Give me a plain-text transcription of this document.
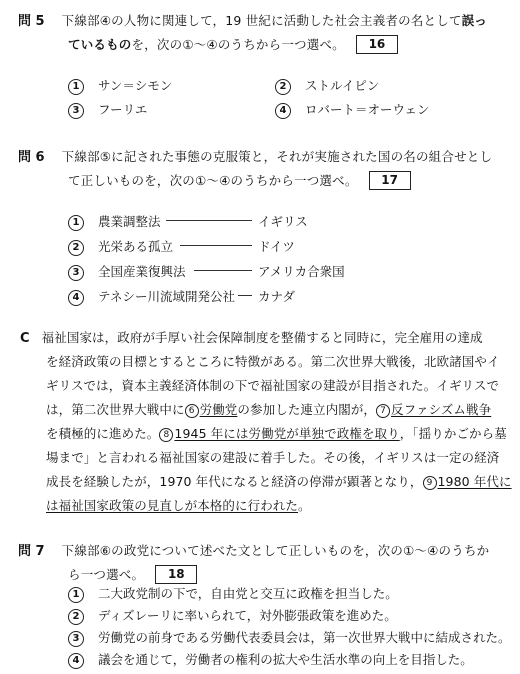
問 5 下線部④の人物に関連して，19 世紀に活動した社会主義者の名として誤っ
ているものを，次の①〜④のうちから一つ選べ。 16
1 サン＝シモン	2 ストルイピン
3 フーリエ	4 ロバート＝オーウェン
問 6 下線部⑤に記された事態の克服策と，それが実施された国の名の組合せとし
て正しいものを，次の①〜④のうちから一つ選べ。 17
1 農業調整法	イギリス
2 光栄ある孤立	ドイツ
3 全国産業復興法	アメリカ合衆国
4 テネシー川流域開発公社 カナダ
C 福祉国家は，政府が手厚い社会保障制度を整備すると同時に，完全雇用の達成
を経済政策の目標とするところに特徴がある。第二次世界大戦後，北欧諸国やイ
ギリスでは，資本主義経済体制の下で福祉国家の建設が目指された。イギリスで
は，第二次世界大戦中に 6 労働党の参加した連立内閣が， 7 反ファシズム戦争
を積極的に進めた。 8 1945 年には労働党が単独で政権を取り，「揺りかごから墓
場まで」と言われる福祉国家の建設に着手した。その後，イギリスは一定の経済
成長を経験したが，1970 年代になると経済の停滞が顕著となり， 9 1980 年代に
は福祉国家政策の見直しが本格的に行われた。
問 7 下線部⑥の政党について述べた文として正しいものを，次の①〜④のうちか
ら一つ選べ。 18
1 二大政党制の下で，自由党と交互に政権を担当した。
2 ディズレーリに率いられて，対外膨張政策を進めた。
3 労働党の前身である労働代表委員会は，第一次世界大戦中に結成された。
4 議会を通じて，労働者の権利の拡大や生活水準の向上を目指した。
